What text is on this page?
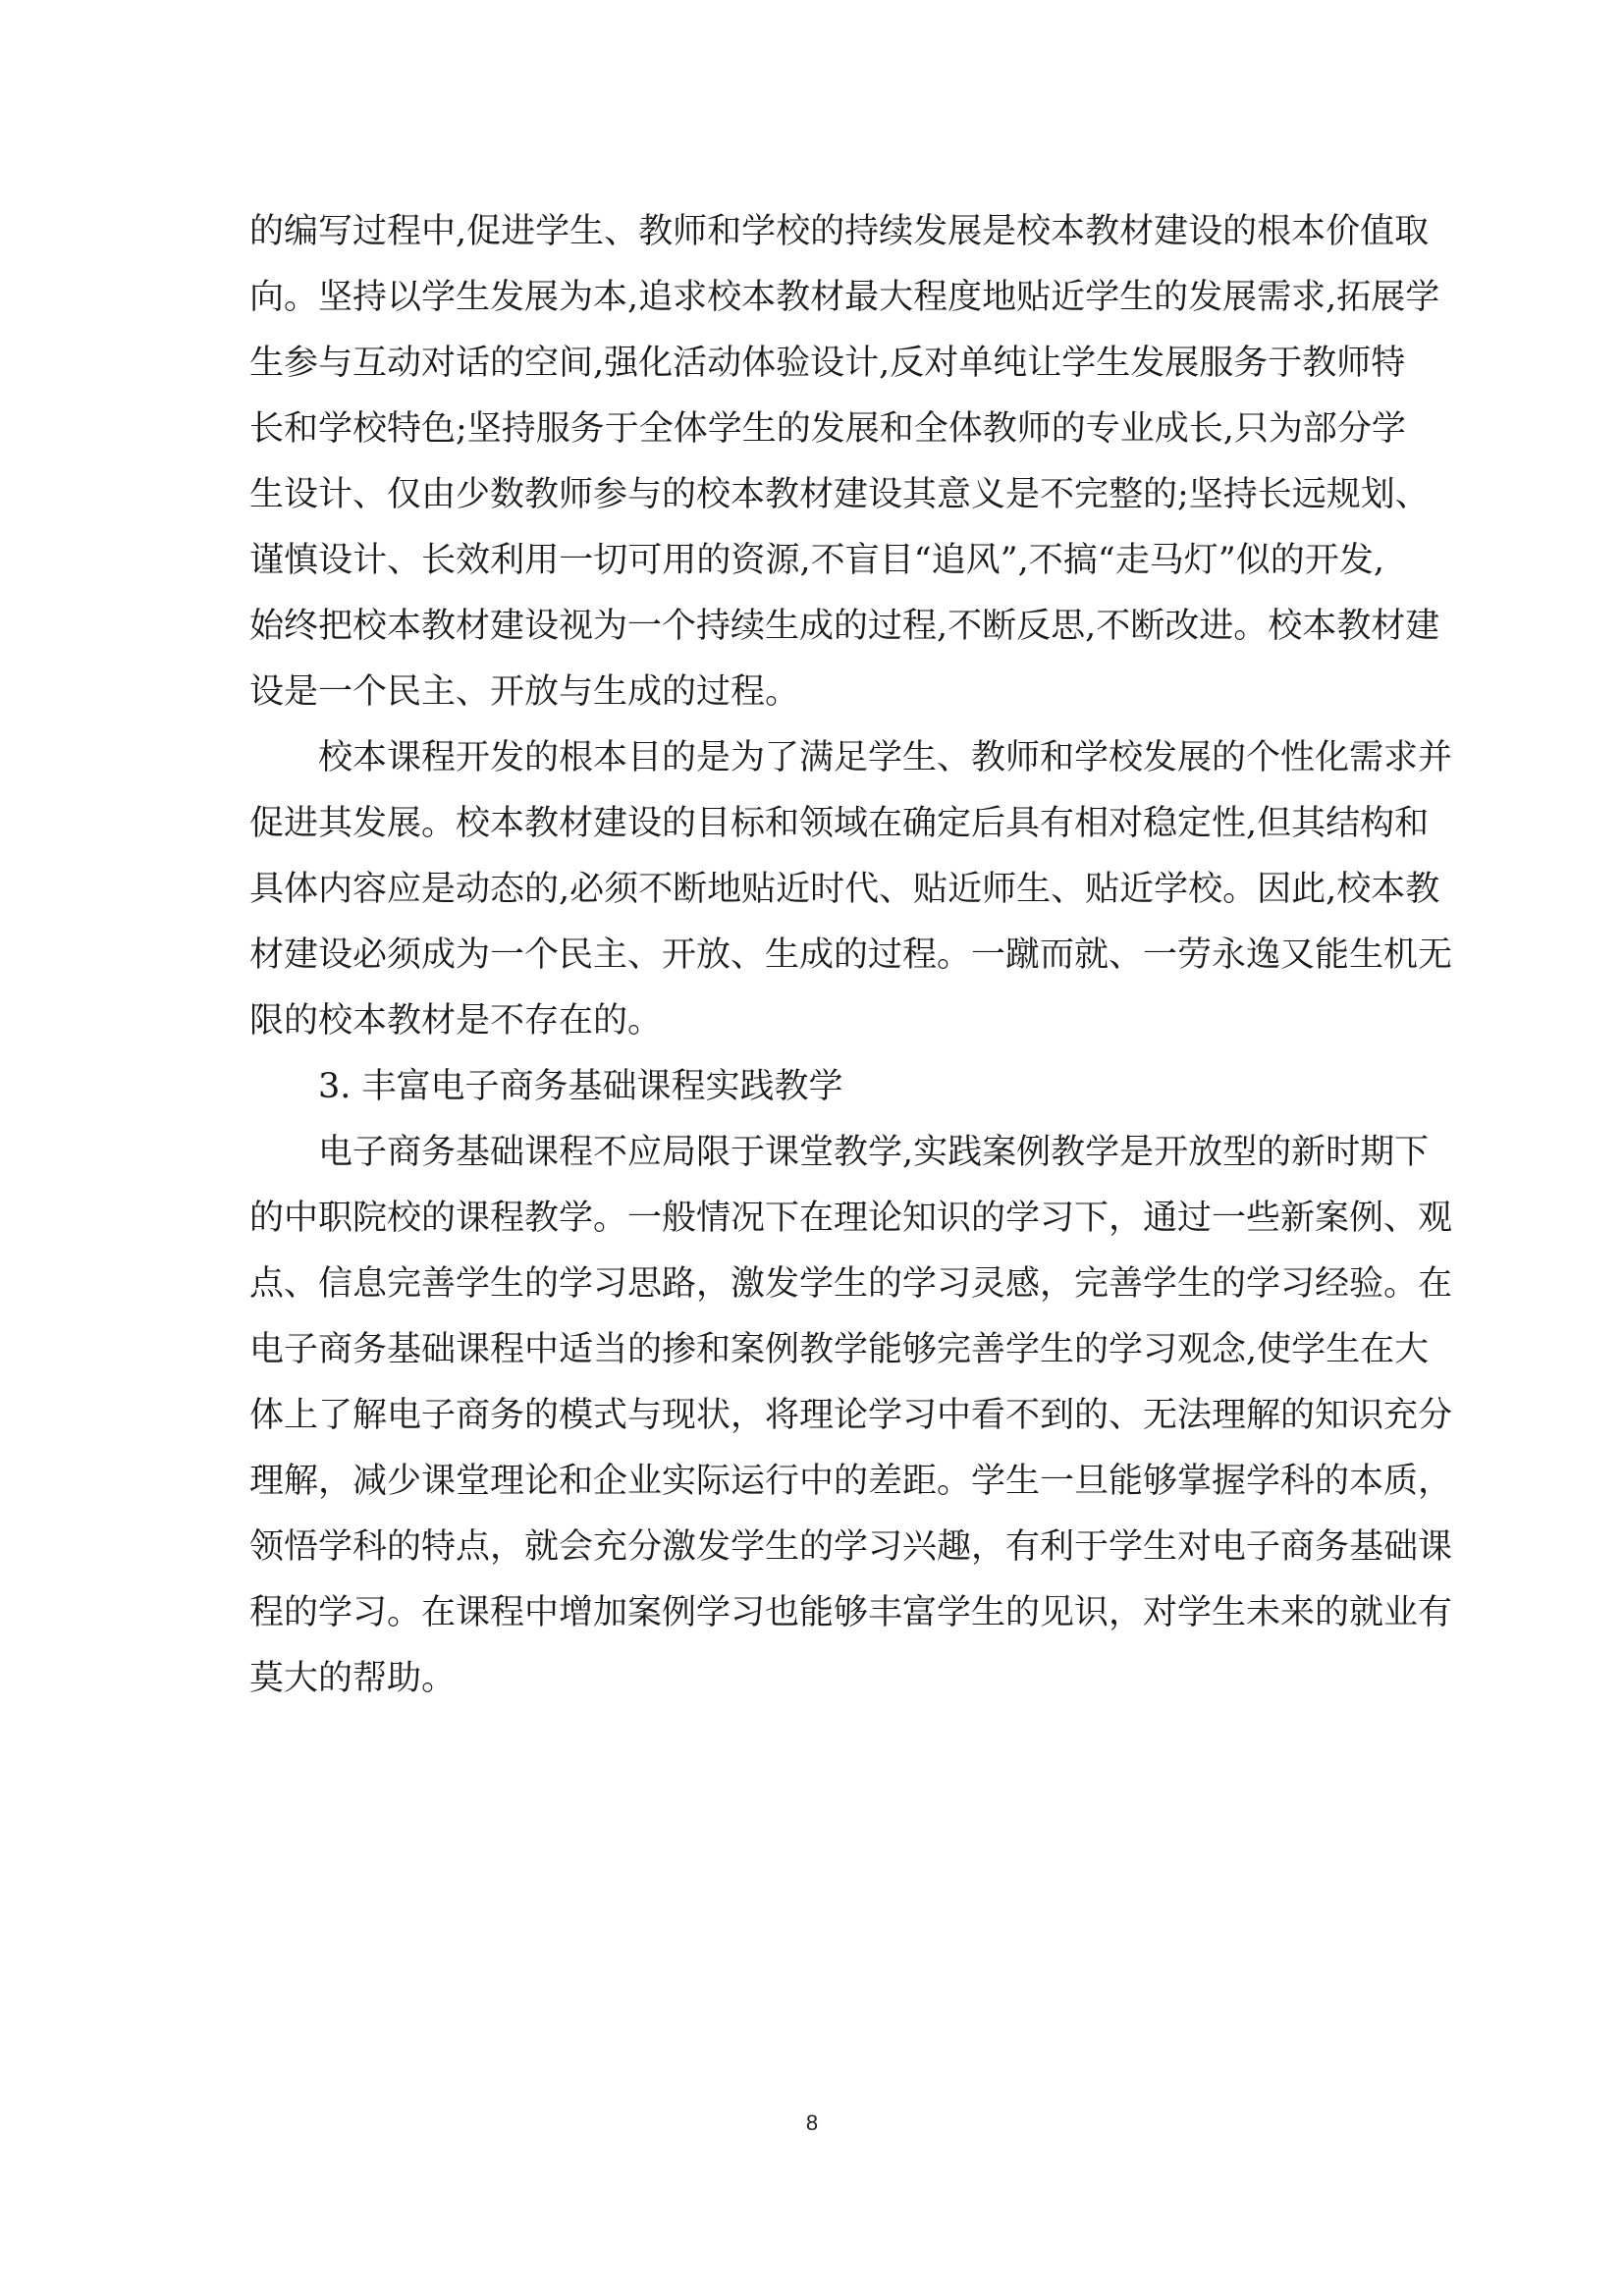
的编写过程中,促进学生、教师和学校的持续发展是校本教材建设的根本价值取
向。坚持以学生发展为本,追求校本教材最大程度地贴近学生的发展需求,拓展学
生参与互动对话的空间,强化活动体验设计,反对单纯让学生发展服务于教师特
长和学校特色;坚持服务于全体学生的发展和全体教师的专业成长,只为部分学
生设计、仅由少数教师参与的校本教材建设其意义是不完整的;坚持长远规划、
谨慎设计、长效利用一切可用的资源,不盲目“追风”,不搞“走马灯”似的开发,
始终把校本教材建设视为一个持续生成的过程,不断反思,不断改进。校本教材建
设是一个民主、开放与生成的过程。
校本课程开发的根本目的是为了满足学生、教师和学校发展的个性化需求并
促进其发展。校本教材建设的目标和领域在确定后具有相对稳定性,但其结构和
具体内容应是动态的,必须不断地贴近时代、贴近师生、贴近学校。因此,校本教
材建设必须成为一个民主、开放、生成的过程。一蹴而就、一劳永逸又能生机无
限的校本教材是不存在的。
3. 丰富电子商务基础课程实践教学
电子商务基础课程不应局限于课堂教学,实践案例教学是开放型的新时期下
的中职院校的课程教学。一般情况下在理论知识的学习下，通过一些新案例、观
点、信息完善学生的学习思路，激发学生的学习灵感，完善学生的学习经验。在
电子商务基础课程中适当的掺和案例教学能够完善学生的学习观念,使学生在大
体上了解电子商务的模式与现状，将理论学习中看不到的、无法理解的知识充分
理解，减少课堂理论和企业实际运行中的差距。学生一旦能够掌握学科的本质，
领悟学科的特点，就会充分激发学生的学习兴趣，有利于学生对电子商务基础课
程的学习。在课程中增加案例学习也能够丰富学生的见识，对学生未来的就业有
莫大的帮助。
8
